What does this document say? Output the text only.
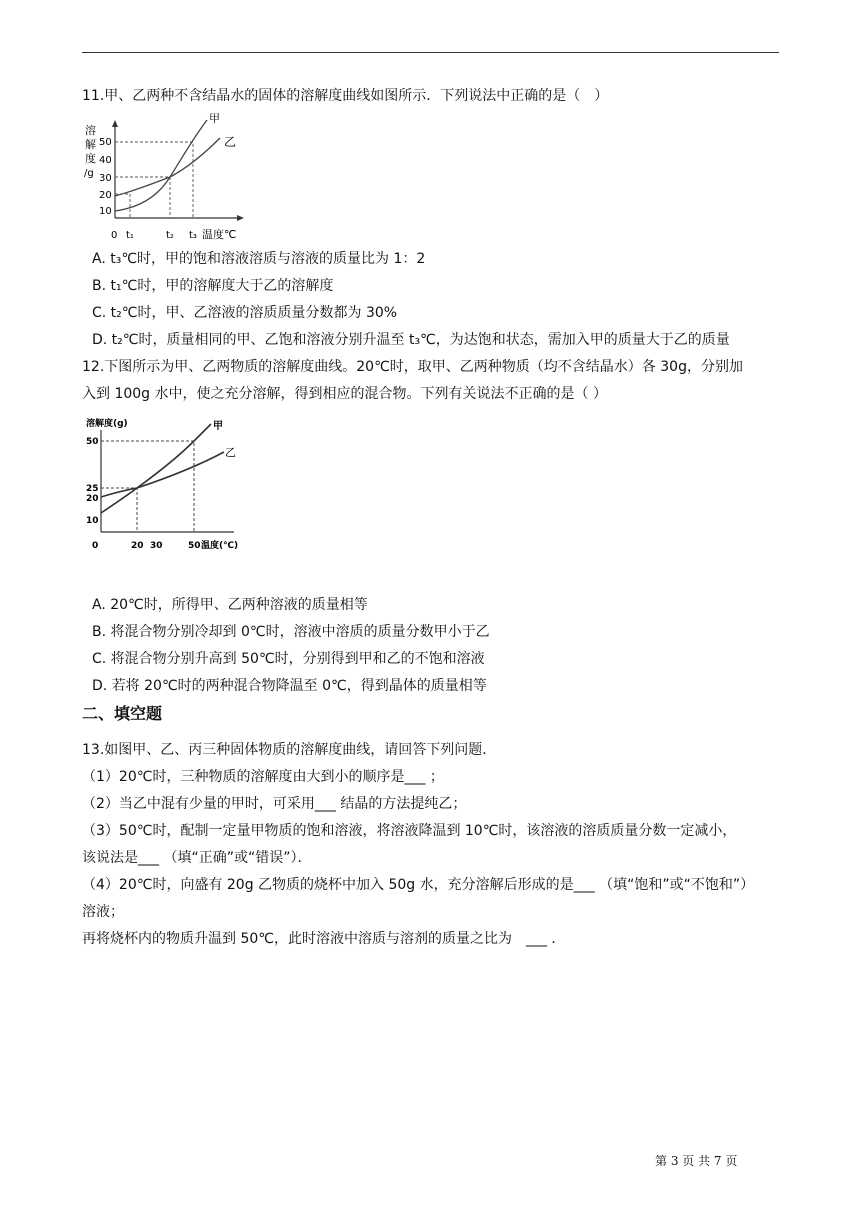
11.甲、乙两种不含结晶水的固体的溶解度曲线如图所示．下列说法中正确的是（　）
溶
解
度
/g
50
40
30
20
10
甲
乙
0 t₁	t₂ t₃ 温度℃
A. t₃℃时，甲的饱和溶液溶质与溶液的质量比为 1：2
B. t₁℃时，甲的溶解度大于乙的溶解度
C. t₂℃时，甲、乙溶液的溶质质量分数都为 30%
D. t₂℃时，质量相同的甲、乙饱和溶液分别升温至 t₃℃，为达饱和状态，需加入甲的质量大于乙的质量
12.下图所示为甲、乙两物质的溶解度曲线。20℃时，取甲、乙两种物质（均不含结晶水）各 30g，分别加
入到 100g 水中，使之充分溶解，得到相应的混合物。下列有关说法不正确的是（ ）
溶解度(g)
50
25
20
10
甲
乙
0	20 30	50 温度(℃)
A. 20℃时，所得甲、乙两种溶液的质量相等
B. 将混合物分别冷却到 0℃时，溶液中溶质的质量分数甲小于乙
C. 将混合物分别升高到 50℃时，分别得到甲和乙的不饱和溶液
D. 若将 20℃时的两种混合物降温至 0℃，得到晶体的质量相等
二、填空题
13.如图甲、乙、丙三种固体物质的溶解度曲线，请回答下列问题．
（1）20℃时，三种物质的溶解度由大到小的顺序是___ ；
（2）当乙中混有少量的甲时，可采用___ 结晶的方法提纯乙；
（3）50℃时，配制一定量甲物质的饱和溶液，将溶液降温到 10℃时，该溶液的溶质质量分数一定减小，
该说法是___ （填“正确”或“错误”）．
（4）20℃时，向盛有 20g 乙物质的烧杯中加入 50g 水，充分溶解后形成的是___ （填“饱和”或“不饱和”）
溶液；
再将烧杯内的物质升温到 50℃，此时溶液中溶质与溶剂的质量之比为　___ ．
第 3 页 共 7 页
